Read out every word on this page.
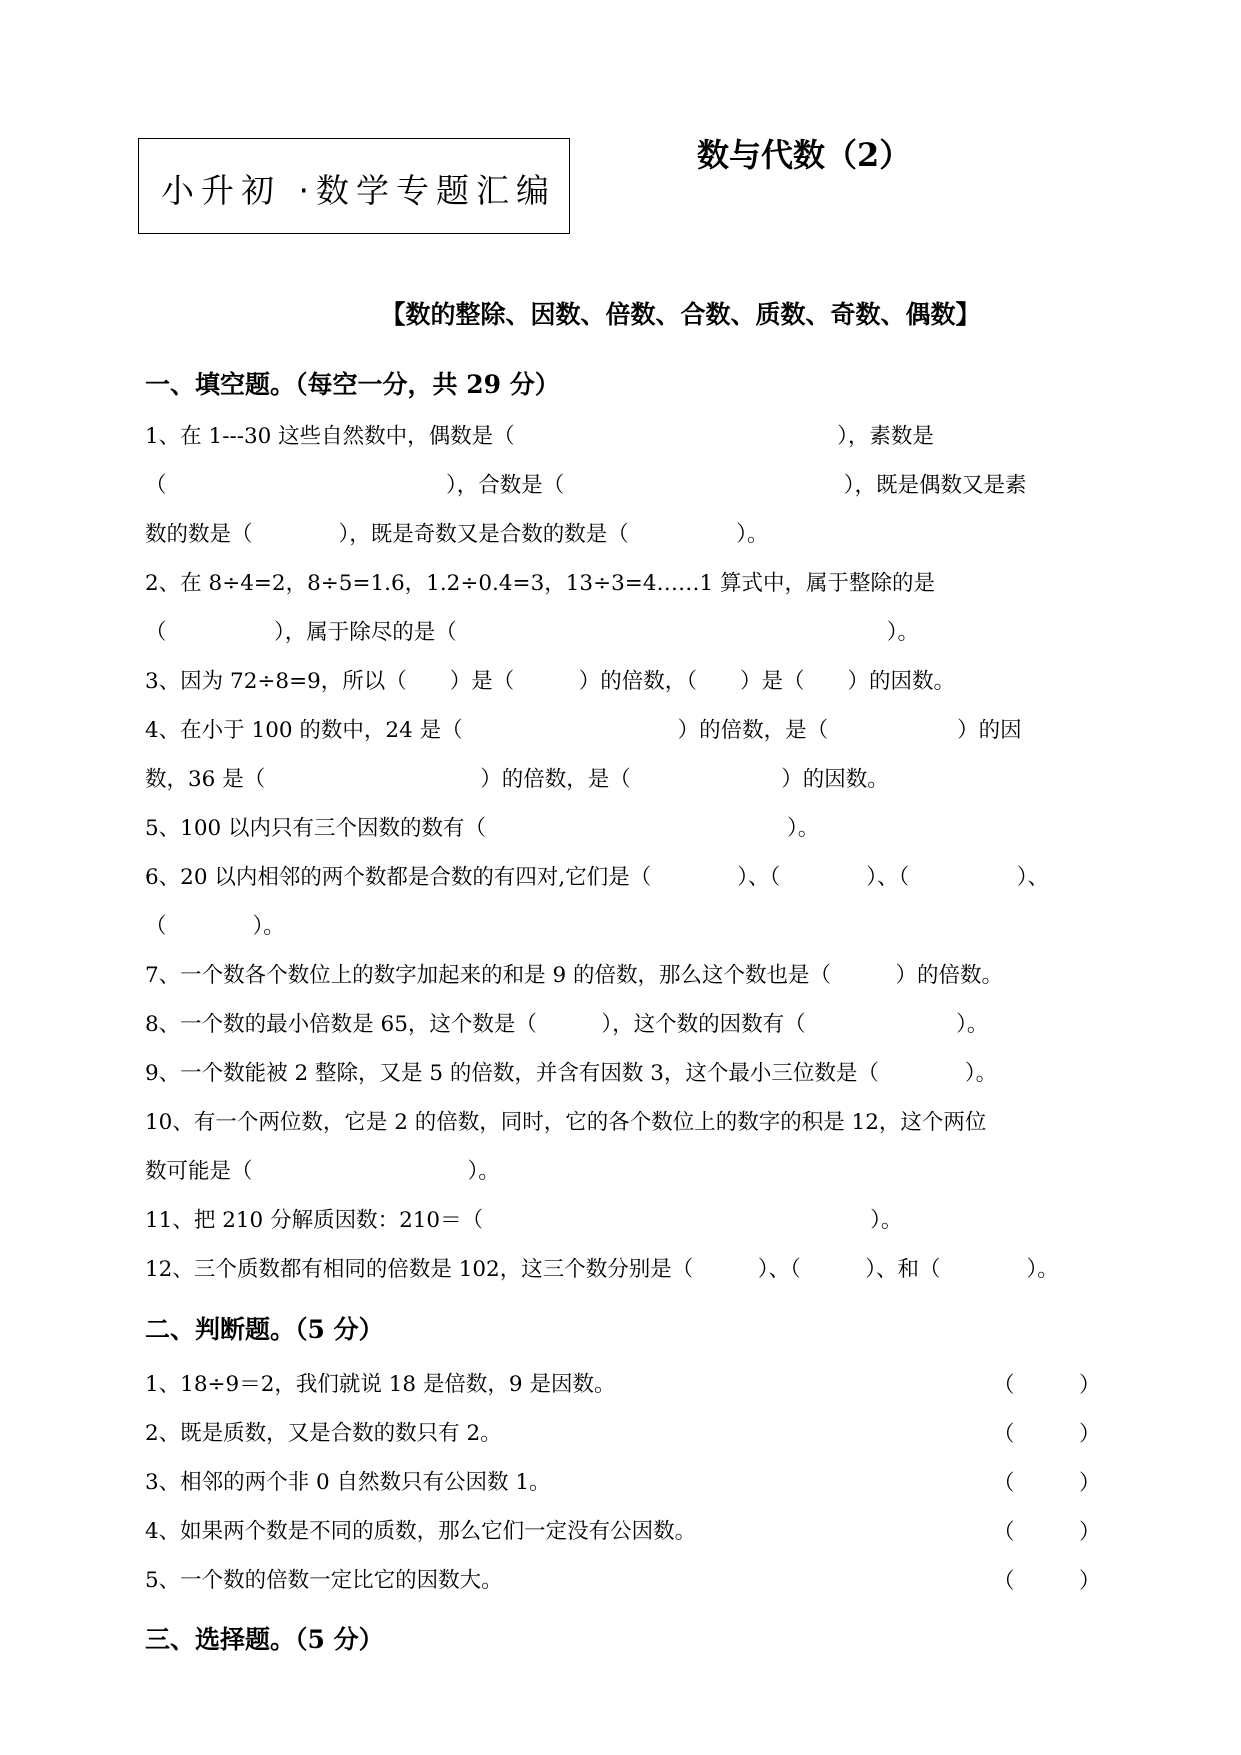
小升初 ·数学专题汇编
数与代数（2）
【数的整除、因数、倍数、合数、质数、奇数、偶数】
一、填空题。（每空一分，共 29 分）
1、在 1---30 这些自然数中，偶数是（　　　　　　　　　　　　　　　），素数是
（　　　　　　　　　　　　　），合数是（　　　　　　　　　　　　　），既是偶数又是素
数的数是（　　　　），既是奇数又是合数的数是（　　　　　）。
2、在 8÷4=2，8÷5=1.6，1.2÷0.4=3，13÷3=4……1 算式中，属于整除的是
（　　　　　），属于除尽的是（　　　　　　　　　　　　　　　　　　　　）。
3、因为 72÷8=9，所以（　　）是（　　　）的倍数，（　　）是（　　）的因数。
4、在小于 100 的数中，24 是（　　　　　　　　　　）的倍数，是（　　　　　　）的因
数，36 是（　　　　　　　　　　）的倍数，是（　　　　　　　）的因数。
5、100 以内只有三个因数的数有（　　　　　　　　　　　　　　）。
6、20 以内相邻的两个数都是合数的有四对,它们是（　　　　）、（　　　　）、（　　　　　）、
（　　　　）。
7、一个数各个数位上的数字加起来的和是 9 的倍数，那么这个数也是（　　　）的倍数。
8、一个数的最小倍数是 65，这个数是（　　　），这个数的因数有（　　　　　　　）。
9、一个数能被 2 整除，又是 5 的倍数，并含有因数 3，这个最小三位数是（　　　　）。
10、有一个两位数，它是 2 的倍数，同时，它的各个数位上的数字的积是 12，这个两位
数可能是（　　　　　　　　　　）。
11、把 210 分解质因数：210＝（　　　　　　　　　　　　　　　　　　）。
12、三个质数都有相同的倍数是 102，这三个数分别是（　　　）、（　　　）、和（　　　　）。
二、判断题。（5 分）
1、18÷9＝2，我们就说 18 是倍数，9 是因数。	（　　　）
2、既是质数，又是合数的数只有 2。	（　　　）
3、相邻的两个非 0 自然数只有公因数 1。	（　　　）
4、如果两个数是不同的质数，那么它们一定没有公因数。	（　　　）
5、一个数的倍数一定比它的因数大。	（　　　）
三、选择题。（5 分）
